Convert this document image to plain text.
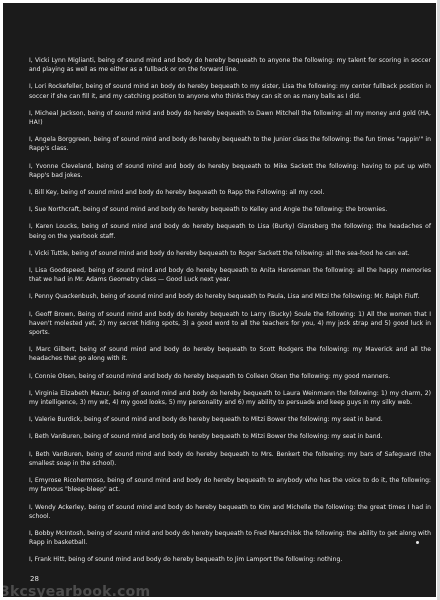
I, Vicki Lynn Miglianti, being of sound mind and body do hereby bequeath to anyone the following: my talent for scoring in soccer and playing as well as me either as a fullback or on the forward line.

I, Lori Rockefeller, being of sound mind an body do hereby bequeath to my sister, Lisa the following: my center fullback position in soccer if she can fill it, and my catching position to anyone who thinks they can sit on as many balls as I did.

I, Micheal Jackson, being of sound mind and body do hereby bequeath to Dawn Mitchell the following: all my money and gold (HA, HA!)

I, Angela Borggreen, being of sound mind and body do hereby bequeath to the Junior class the following: the fun times "rappin'" in Rapp's class.

I, Yvonne Cleveland, being of sound mind and body do hereby bequeath to Mike Sackett the following: having to put up with Rapp's bad jokes.

I, Bill Key, being of sound mind and body do hereby bequeath to Rapp the Following: all my cool.

I, Sue Northcraft, being of sound mind and body do hereby bequeath to Kelley and Angie the following: the brownies.

I, Karen Loucks, being of sound mind and body do hereby bequeath to Lisa (Burky) Glansberg the following: the headaches of being on the yearbook staff.

I, Vicki Tuttle, being of sound mind and body do hereby bequeath to Roger Sackett the following: all the sea-food he can eat.

I, Lisa Goodspeed, being of sound mind and body do hereby bequeath to Anita Hanseman the following: all the happy memories that we had in Mr. Adams Geometry class — Good Luck next year.

I, Penny Quackenbush, being of sound mind and body do hereby bequeath to Paula, Lisa and Mitzi the following: Mr. Ralph Fluff.

I, Geoff Brown, Being of sound mind and body do hereby bequeath to Larry (Bucky) Soule the following: 1) All the women that I haven't molested yet, 2) my secret hiding spots, 3) a good word to all the teachers for you, 4) my jock strap and 5) good luck in sports.

I, Marc Gilbert, being of sound mind and body do hereby bequeath to Scott Rodgers the following: my Maverick and all the headaches that go along with it.

I, Connie Olsen, being of sound mind and body do hereby bequeath to Colleen Olsen the following: my good manners.

I, Virginia Elizabeth Mazur, being of sound mind and body do hereby bequeath to Laura Weinmann the following: 1) my charm, 2) my intelligence, 3) my wit, 4) my good looks, 5) my personality and 6) my ability to persuade and keep guys in my silky web.

I, Valerie Burdick, being of sound mind and body do hereby bequeath to Mitzi Bower the following: my seat in band.

I, Beth VanBuren, being of sound mind and body do hereby bequeath to Mitzi Bower the following: my seat in band.

I, Beth VanBuren, being of sound mind and body do hereby bequeath to Mrs. Benkert the following: my bars of Safeguard (the smallest soap in the school).

I, Emyrose Ricohermoso, being of sound mind and body do hereby bequeath to anybody who has the voice to do it, the following: my famous "bleep-bleep" act.

I, Wendy Ackerley, being of sound mind and body do hereby bequeath to Kim and Michelle the following: the great times I had in school.

I, Bobby McIntosh, being of sound mind and body do hereby bequeath to Fred Marschilok the following: the ability to get along with Rapp in basketball.

I, Frank Hitt, being of sound mind and body do hereby bequeath to Jim Lamport the following: nothing.

28
3kcsyearbook.com
